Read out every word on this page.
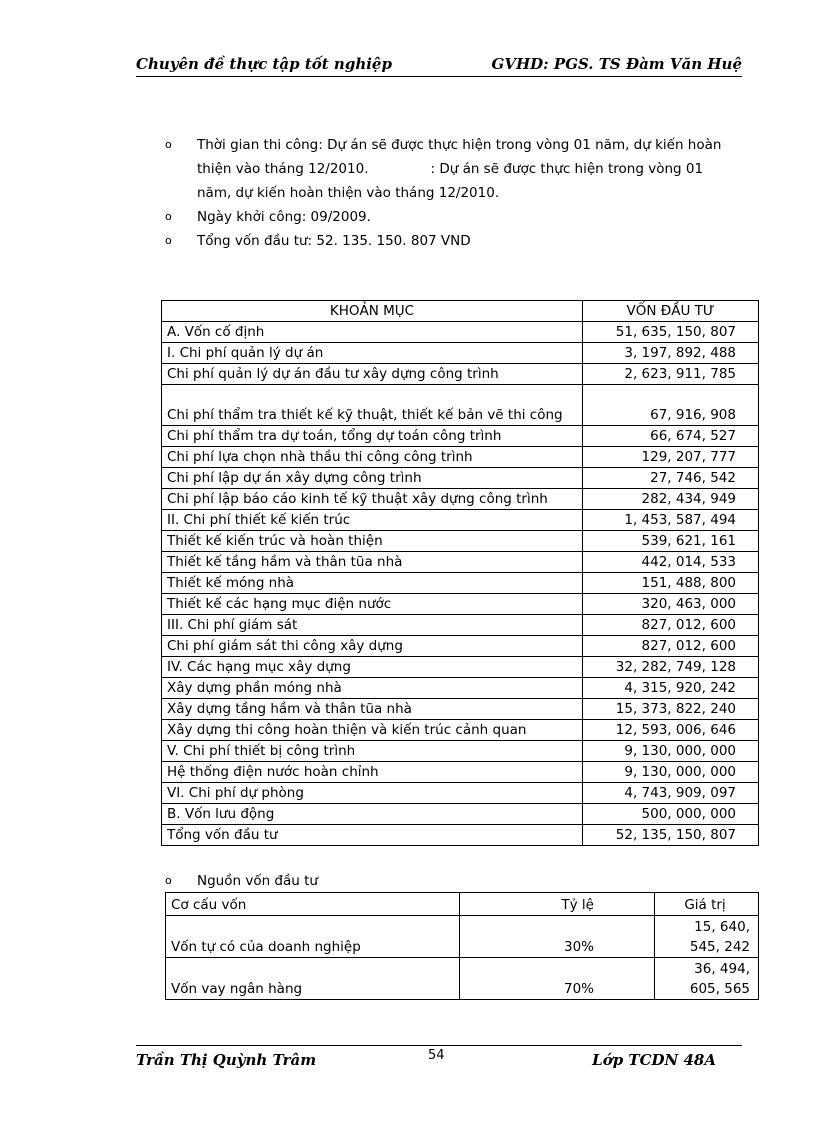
Chuyên đề thực tập tốt nghiệp	GVHD: PGS. TS Đàm Văn Huệ
o Thời gian thi công: Dự án sẽ được thực hiện trong vòng 01 năm, dự kiến hoàn thiện vào tháng 12/2010.	: Dự án sẽ được thực hiện trong vòng 01 năm, dự kiến hoàn thiện vào tháng 12/2010.
o Ngày khởi công: 09/2009.
o Tổng vốn đầu tư: 52. 135. 150. 807 VND
KHOẢN MỤC	VỐN ĐẦU TƯ
A. Vốn cố định	51, 635, 150, 807
I. Chi phí quản lý dự án	3, 197, 892, 488
Chi phí quản lý dự án đầu tư xây dựng công trình	2, 623, 911, 785
Chi phí thẩm tra thiết kế kỹ thuật, thiết kế bản vẽ thi công	67, 916, 908
Chi phí thẩm tra dự toán, tổng dự toán công trình	66, 674, 527
Chi phí lựa chọn nhà thầu thi công công trình	129, 207, 777
Chi phí lập dự án xây dựng công trình	27, 746, 542
Chi phí lập báo cáo kinh tế kỹ thuật xây dựng công trình	282, 434, 949
II. Chi phí thiết kế kiến trúc	1, 453, 587, 494
Thiết kế kiến trúc và hoàn thiện	539, 621, 161
Thiết kế tầng hầm và thân tũa nhà	442, 014, 533
Thiết kế móng nhà	151, 488, 800
Thiết kế các hạng mục điện nước	320, 463, 000
III. Chi phí giám sát	827, 012, 600
Chi phí giám sát thi công xây dựng	827, 012, 600
IV. Các hạng mục xây dựng	32, 282, 749, 128
Xây dựng phần móng nhà	4, 315, 920, 242
Xây dựng tầng hầm và thân tũa nhà	15, 373, 822, 240
Xây dựng thi công hoàn thiện và kiến trúc cảnh quan	12, 593, 006, 646
V. Chi phí thiết bị công trình	9, 130, 000, 000
Hệ thống điện nước hoàn chỉnh	9, 130, 000, 000
VI. Chi phí dự phòng	4, 743, 909, 097
B. Vốn lưu động	500, 000, 000
Tổng vốn đầu tư	52, 135, 150, 807
o Nguồn vốn đầu tư
Cơ cấu vốn	Tỷ lệ	Giá trị
Vốn tự có của doanh nghiệp	30%	15, 640, 545, 242
Vốn vay ngân hàng	70%	36, 494, 605, 565
Trần Thị Quỳnh Trâm	54	Lớp TCDN 48A
